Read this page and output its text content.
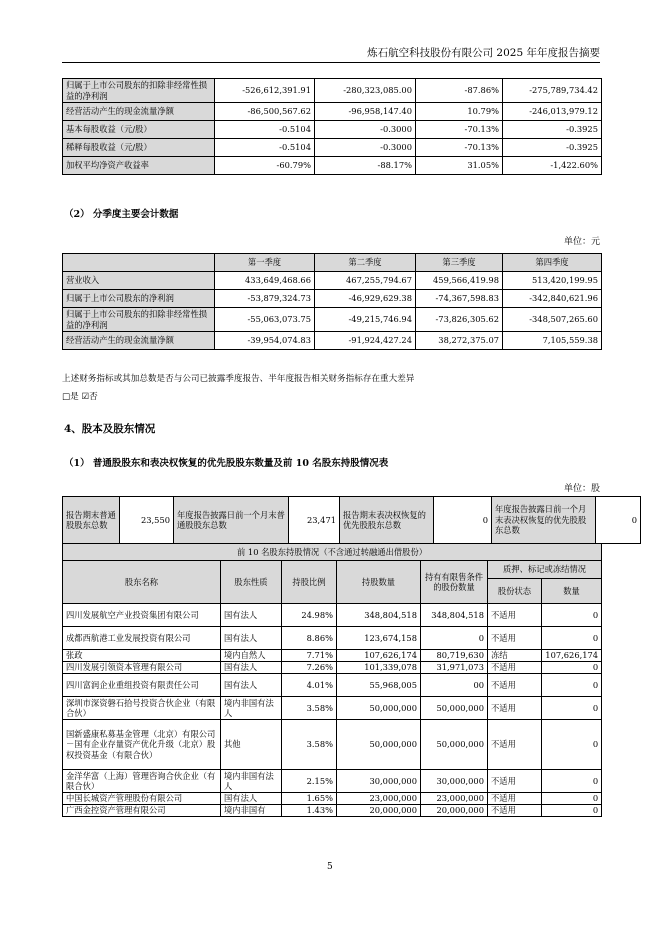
炼石航空科技股份有限公司 2025 年年度报告摘要
归属于上市公司股东的扣除非经常性损益的净利润	-526,612,391.91	-280,323,085.00	-87.86%	-275,789,734.42
经营活动产生的现金流量净额	-86,500,567.62	-96,958,147.40	10.79%	-246,013,979.12
基本每股收益（元/股）	-0.5104	-0.3000	-70.13%	-0.3925
稀释每股收益（元/股）	-0.5104	-0.3000	-70.13%	-0.3925
加权平均净资产收益率	-60.79%	-88.17%	31.05%	-1,422.60%
（2） 分季度主要会计数据
单位：元
	第一季度	第二季度	第三季度	第四季度
营业收入	433,649,468.66	467,255,794.67	459,566,419.98	513,420,199.95
归属于上市公司股东的净利润	-53,879,324.73	-46,929,629.38	-74,367,598.83	-342,840,621.96
归属于上市公司股东的扣除非经常性损益的净利润	-55,063,073.75	-49,215,746.94	-73,826,305.62	-348,507,265.60
经营活动产生的现金流量净额	-39,954,074.83	-91,924,427.24	38,272,375.07	7,105,559.38
上述财务指标或其加总数是否与公司已披露季度报告、半年度报告相关财务指标存在重大差异
□是 ☑否
4、股本及股东情况
（1） 普通股股东和表决权恢复的优先股股东数量及前 10 名股东持股情况表
单位：股
报告期末普通股股东总数	23,550	年度报告披露日前一个月末普通股股东总数	23,471	报告期末表决权恢复的优先股股东总数	0	年度报告披露日前一个月末表决权恢复的优先股股东总数	0
前 10 名股东持股情况（不含通过转融通出借股份）						
股东名称	股东性质	持股比例	持股数量	持有有限售条件的股份数量	质押、标记或冻结情况	
					股份状态	数量
四川发展航空产业投资集团有限公司	国有法人	24.98%	348,804,518	348,804,518	不适用	0
成都西航港工业发展投资有限公司	国有法人	8.86%	123,674,158	0	不适用	0
张政	境内自然人	7.71%	107,626,174	80,719,630	冻结	107,626,174
四川发展引领资本管理有限公司	国有法人	7.26%	101,339,078	31,971,073	不适用	0
四川富润企业重组投资有限责任公司	国有法人	4.01%	55,968,005	00	不适用	0
深圳市深资磐石拾号投资合伙企业（有限合伙）	境内非国有法人	3.58%	50,000,000	50,000,000	不适用	0
国新盛康私募基金管理（北京）有限公司－国有企业存量资产优化升级（北京）股权投资基金（有限合伙）	其他	3.58%	50,000,000	50,000,000	不适用	0
金洋华富（上海）管理咨询合伙企业（有限合伙）	境内非国有法人	2.15%	30,000,000	30,000,000	不适用	0
中国长城资产管理股份有限公司	国有法人	1.65%	23,000,000	23,000,000	不适用	0
广西金控资产管理有限公司	境内非国有	1.43%	20,000,000	20,000,000	不适用	0
5
